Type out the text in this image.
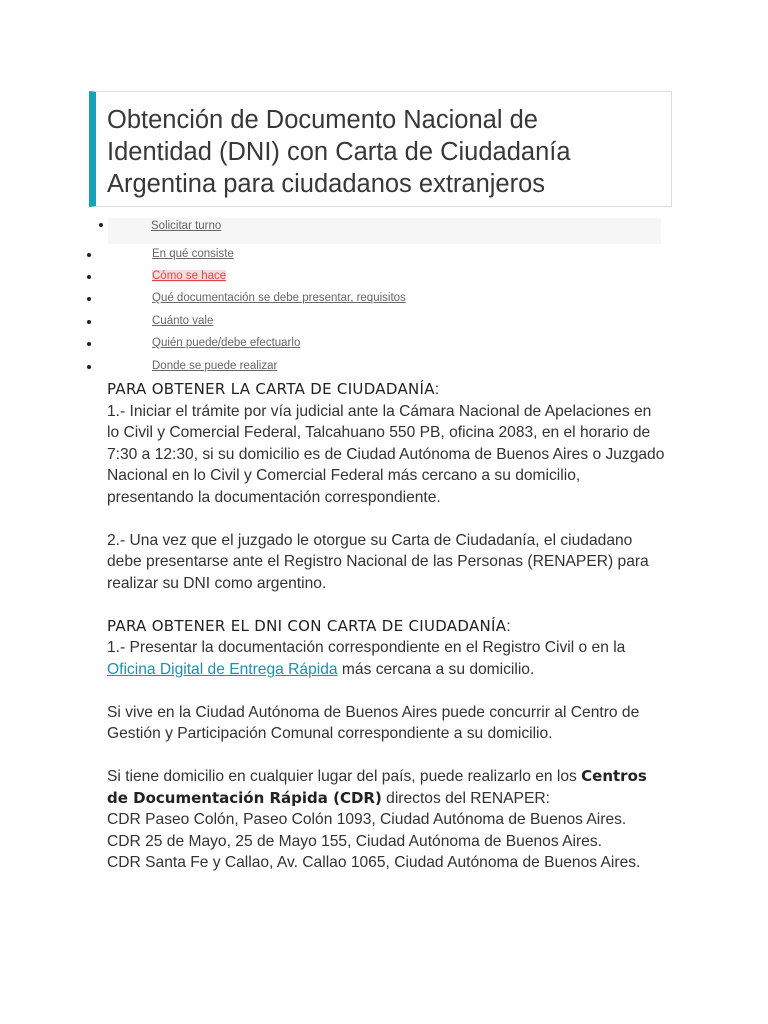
Obtención de Documento Nacional de
Identidad (DNI) con Carta de Ciudadanía
Argentina para ciudadanos extranjeros
Solicitar turno
En qué consiste
Cómo se hace
Qué documentación se debe presentar, requisitos
Cuánto vale
Quién puede/debe efectuarlo
Donde se puede realizar

PARA OBTENER LA CARTA DE CIUDADANÍA:

1.- Iniciar el trámite por vía judicial ante la Cámara Nacional de Apelaciones en lo Civil y Comercial Federal, Talcahuano 550 PB, oficina 2083, en el horario de 7:30 a 12:30, si su domicilio es de Ciudad Autónoma de Buenos Aires o Juzgado Nacional en lo Civil y Comercial Federal más cercano a su domicilio, presentando la documentación correspondiente.

2.- Una vez que el juzgado le otorgue su Carta de Ciudadanía, el ciudadano debe presentarse ante el Registro Nacional de las Personas (RENAPER) para realizar su DNI como argentino.

PARA OBTENER EL DNI CON CARTA DE CIUDADANÍA:

1.- Presentar la documentación correspondiente en el Registro Civil o en la Oficina Digital de Entrega Rápida más cercana a su domicilio.

Si vive en la Ciudad Autónoma de Buenos Aires puede concurrir al Centro de Gestión y Participación Comunal correspondiente a su domicilio.

Si tiene domicilio en cualquier lugar del país, puede realizarlo en los Centros de Documentación Rápida (CDR) directos del RENAPER:

CDR Paseo Colón, Paseo Colón 1093, Ciudad Autónoma de Buenos Aires.

CDR 25 de Mayo, 25 de Mayo 155, Ciudad Autónoma de Buenos Aires.

CDR Santa Fe y Callao, Av. Callao 1065, Ciudad Autónoma de Buenos Aires.
